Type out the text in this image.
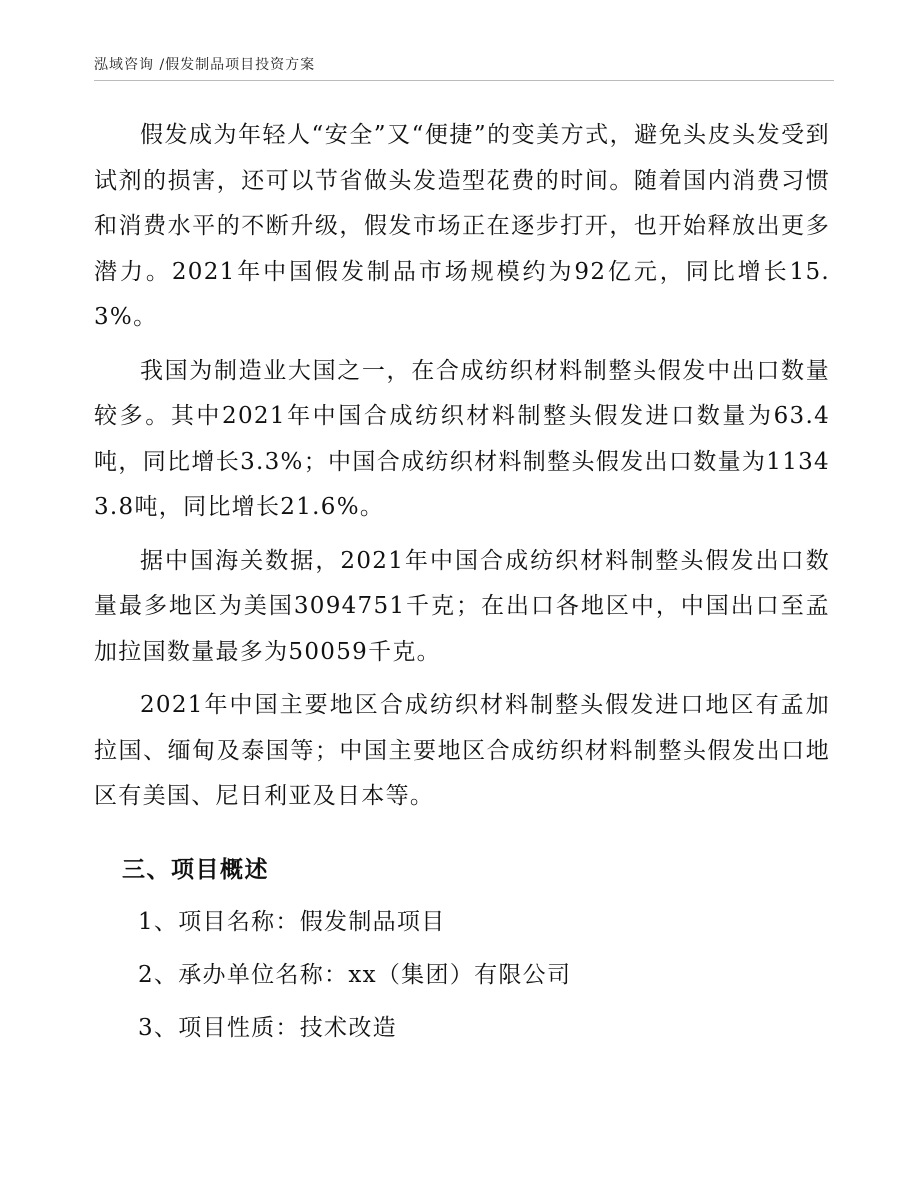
泓域咨询 /假发制品项目投资方案

假发成为年轻人“安全”又“便捷”的变美方式，避免头皮头发受到试剂的损害，还可以节省做头发造型花费的时间。随着国内消费习惯和消费水平的不断升级，假发市场正在逐步打开，也开始释放出更多潜力。2021年中国假发制品市场规模约为92亿元，同比增长15.3%。

我国为制造业大国之一，在合成纺织材料制整头假发中出口数量较多。其中2021年中国合成纺织材料制整头假发进口数量为63.4吨，同比增长3.3%；中国合成纺织材料制整头假发出口数量为11343.8吨，同比增长21.6%。

据中国海关数据，2021年中国合成纺织材料制整头假发出口数量最多地区为美国3094751千克；在出口各地区中，中国出口至孟加拉国数量最多为50059千克。

2021年中国主要地区合成纺织材料制整头假发进口地区有孟加拉国、缅甸及泰国等；中国主要地区合成纺织材料制整头假发出口地区有美国、尼日利亚及日本等。

三、项目概述
1、项目名称：假发制品项目
2、承办单位名称：xx（集团）有限公司
3、项目性质：技术改造
